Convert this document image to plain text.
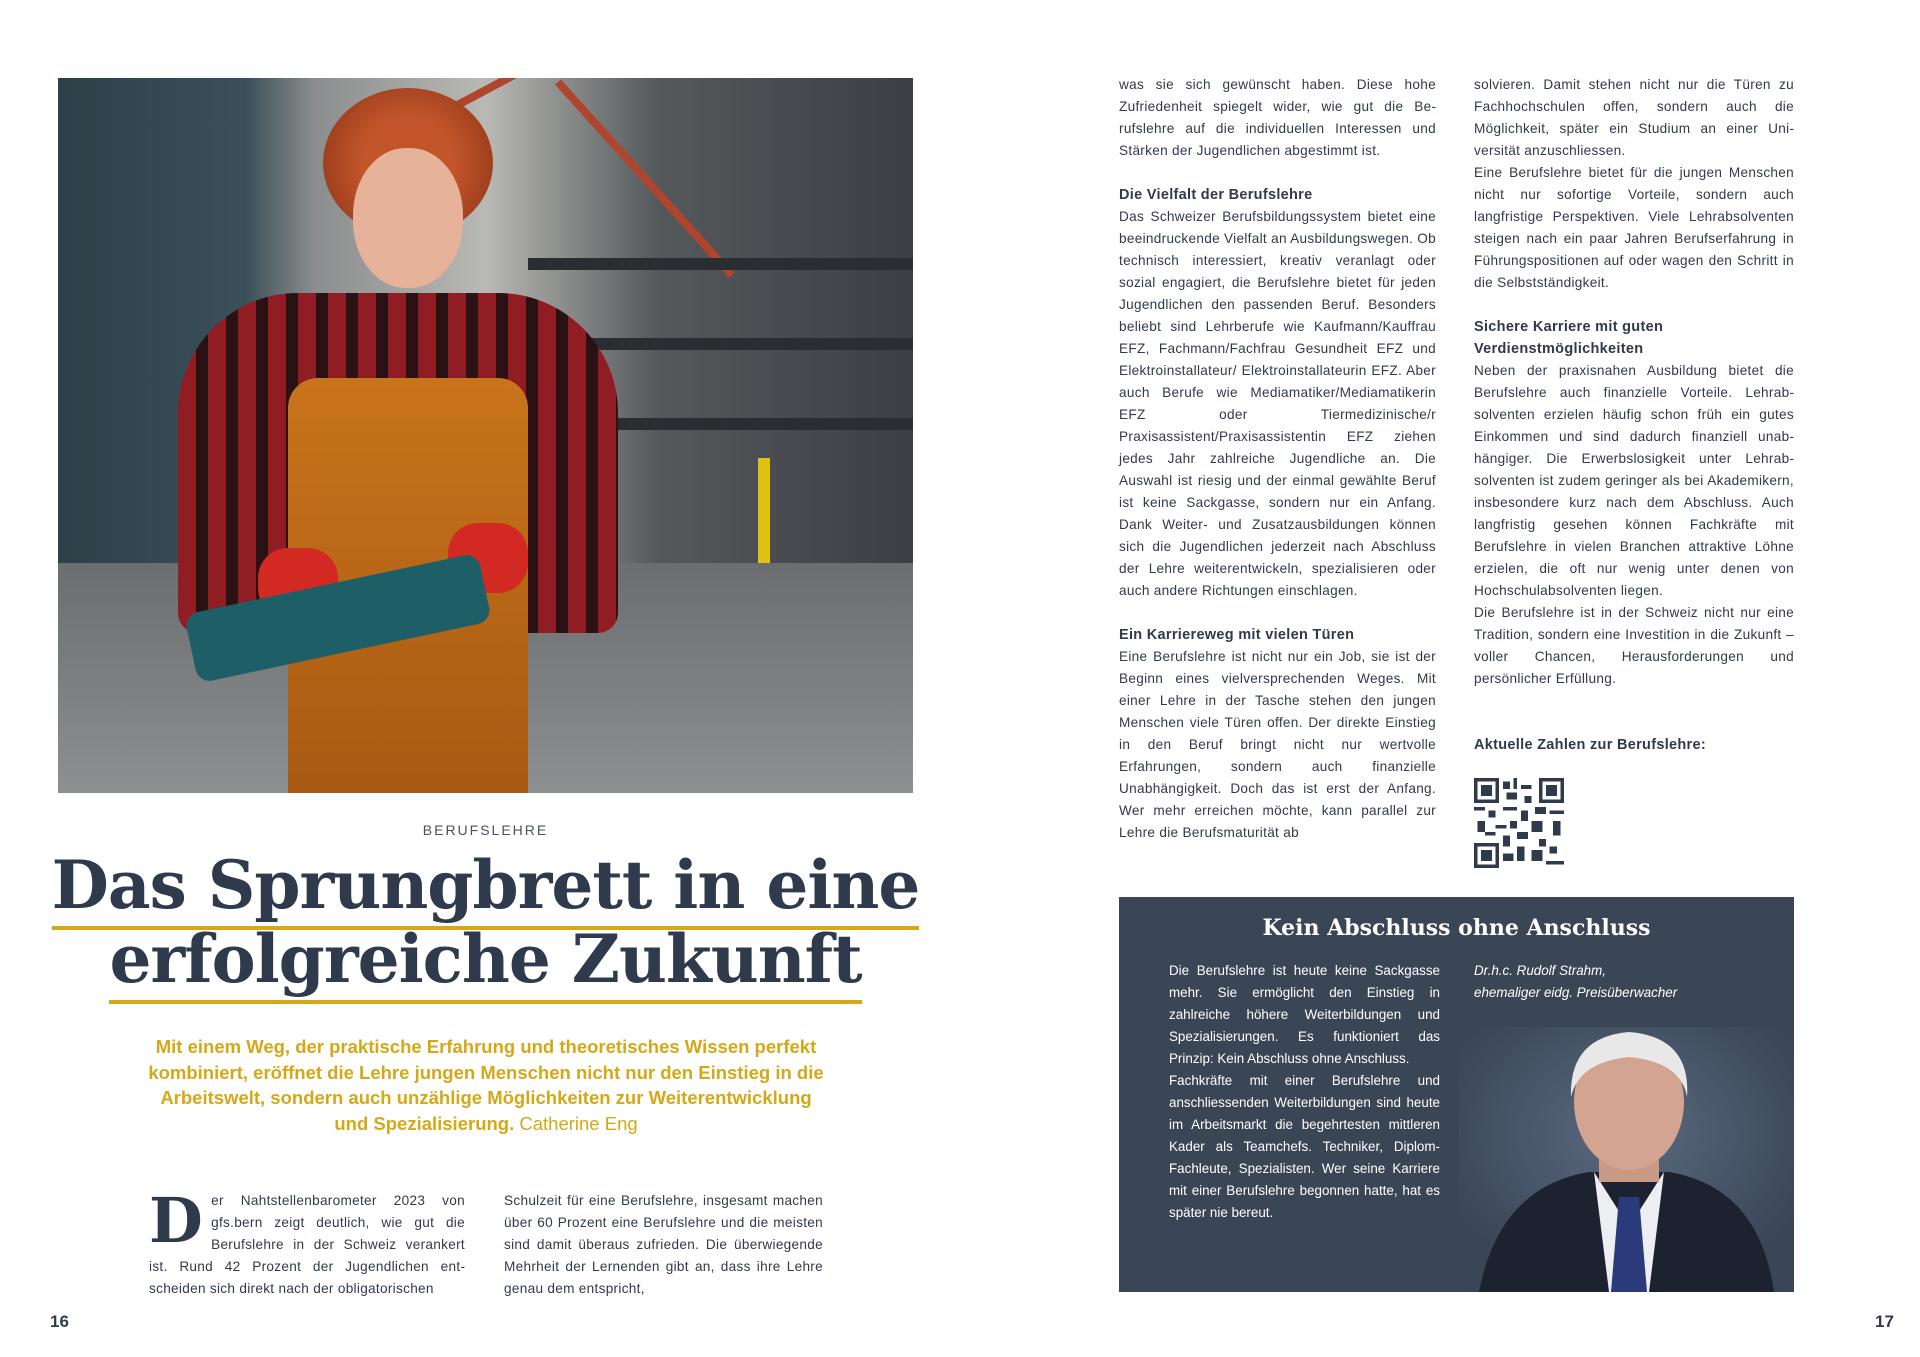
BERUFSLEHRE
Das Sprungbrett in eine
erfolgreiche Zukunft
Mit einem Weg, der praktische Erfahrung und theoretisches Wissen perfekt kombiniert, eröffnet die Lehre jungen Menschen nicht nur den Einstieg in die Arbeitswelt, sondern auch unzählige Möglichkeiten zur Weiterentwicklung und Spezialisierung. Catherine Eng
D er Nahtstellenbarometer 2023 von gfs.bern zeigt deutlich, wie gut die Berufslehre in der Schweiz verankert ist. Rund 42 Prozent der Jugendlichen entscheiden sich direkt nach der obligatorischen
Schulzeit für eine Berufslehre, insgesamt machen über 60 Prozent eine Berufslehre und die meisten sind damit überaus zufrieden. Die überwiegende Mehrheit der Lernenden gibt an, dass ihre Lehre genau dem entspricht,
16

was sie sich gewünscht haben. Diese hohe Zufriedenheit spiegelt wider, wie gut die Berufslehre auf die individuellen Interessen und Stärken der Jugendlichen abgestimmt ist.

Die Vielfalt der Berufslehre

Das Schweizer Berufsbildungssystem bietet eine beeindruckende Vielfalt an Ausbildungswegen. Ob technisch interessiert, kreativ veranlagt oder sozial engagiert, die Berufslehre bietet für jeden Jugendlichen den passenden Beruf. Besonders beliebt sind Lehrberufe wie Kaufmann/Kauffrau EFZ, Fachmann/Fachfrau Gesundheit EFZ und Elektroinstallateur/ Elektroinstallateurin EFZ. Aber auch Berufe wie Mediamatiker/Mediamatikerin EFZ oder Tiermedizinische/r Praxisassistent/Praxisassistentin EFZ ziehen jedes Jahr zahlreiche Jugendliche an. Die Auswahl ist riesig und der einmal gewählte Beruf ist keine Sackgasse, sondern nur ein Anfang. Dank Weiter- und Zusatzausbildungen können sich die Jugendlichen jederzeit nach Abschluss der Lehre weiterentwickeln, spezialisieren oder auch andere Richtungen einschlagen.

Ein Karriereweg mit vielen Türen

Eine Berufslehre ist nicht nur ein Job, sie ist der Beginn eines vielversprechenden Weges. Mit einer Lehre in der Tasche stehen den jungen Menschen viele Türen offen. Der direkte Einstieg in den Beruf bringt nicht nur wertvolle Erfahrungen, sondern auch finanzielle Unabhängigkeit. Doch das ist erst der Anfang. Wer mehr erreichen möchte, kann parallel zur Lehre die Berufsmaturität ab

solvieren. Damit stehen nicht nur die Türen zu Fachhochschulen offen, sondern auch die Möglichkeit, später ein Studium an einer Universität anzuschliessen.

Eine Berufslehre bietet für die jungen Menschen nicht nur sofortige Vorteile, sondern auch langfristige Perspektiven. Viele Lehrabsolventen steigen nach ein paar Jahren Berufserfahrung in Führungspositionen auf oder wagen den Schritt in die Selbstständigkeit.

Sichere Karriere mit guten Verdienstmöglichkeiten

Neben der praxisnahen Ausbildung bietet die Berufslehre auch finanzielle Vorteile. Lehrabsolventen erzielen häufig schon früh ein gutes Einkommen und sind dadurch finanziell unabhängiger. Die Erwerbslosigkeit unter Lehrabsolventen ist zudem geringer als bei Akademikern, insbesondere kurz nach dem Abschluss. Auch langfristig gesehen können Fachkräfte mit Berufslehre in vielen Branchen attraktive Löhne erzielen, die oft nur wenig unter denen von Hochschulabsolventen liegen.

Die Berufslehre ist in der Schweiz nicht nur eine Tradition, sondern eine Investition in die Zukunft – voller Chancen, Herausforderungen und persönlicher Erfüllung.

Aktuelle Zahlen zur Berufslehre:
Kein Abschluss ohne Anschluss

Die Berufslehre ist heute keine Sackgasse mehr. Sie ermöglicht den Einstieg in zahlreiche höhere Weiterbildungen und Spezialisierungen. Es funktioniert das Prinzip: Kein Abschluss ohne Anschluss.

Fachkräfte mit einer Berufslehre und anschliessenden Weiterbildungen sind heute im Arbeitsmarkt die begehrtesten mittleren Kader als Teamchefs. Techniker, Diplom-Fachleute, Spezialisten. Wer seine Karriere mit einer Berufslehre begonnen hatte, hat es später nie bereut.

Dr.h.c. Rudolf Strahm,
ehemaliger eidg. Preisüberwacher
17
